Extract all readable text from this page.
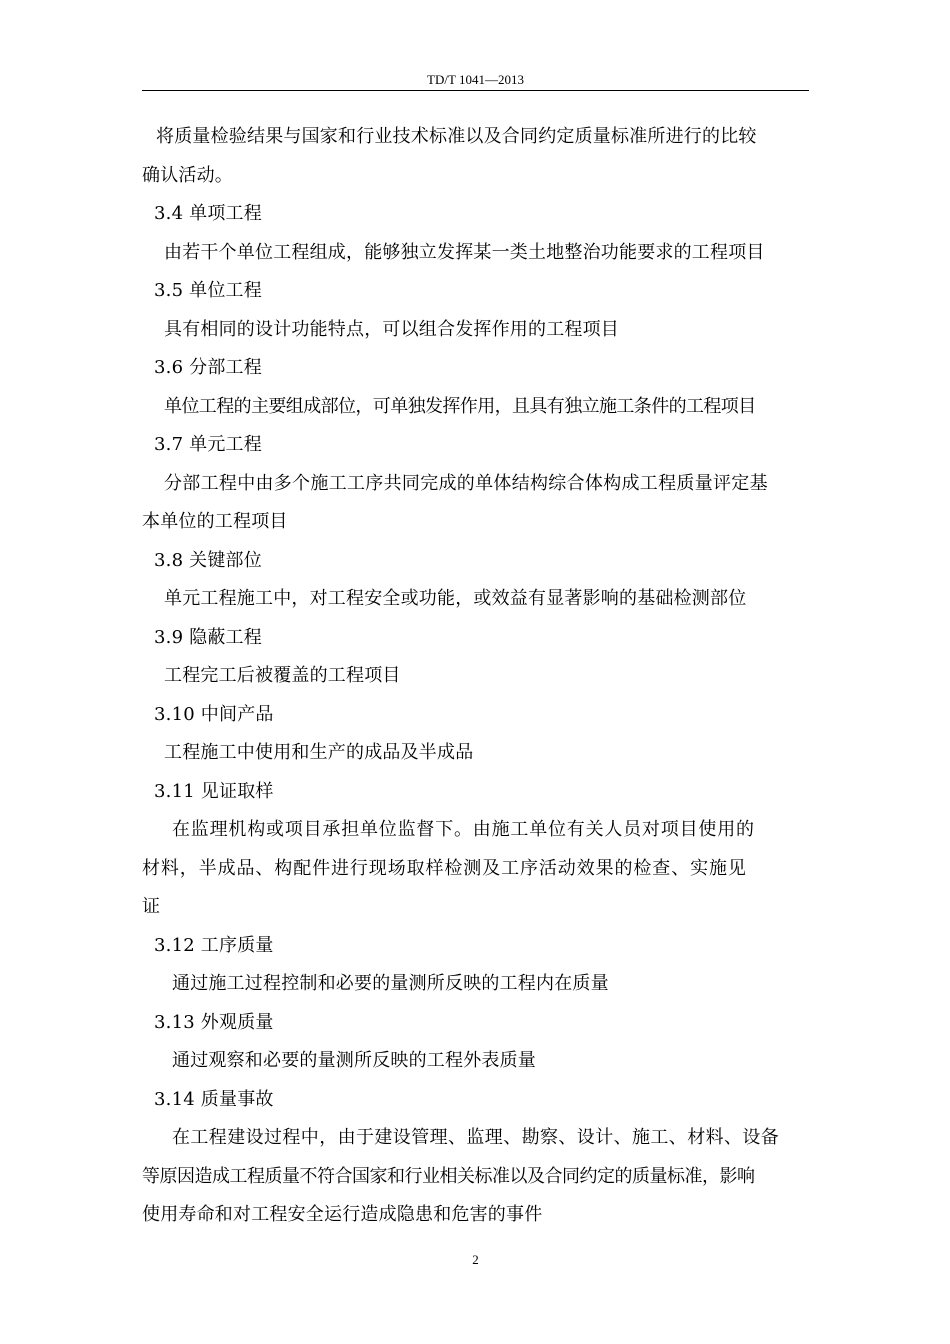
TD/T 1041—2013
将质量检验结果与国家和行业技术标准以及合同约定质量标准所进行的比较
确认活动。
3.4 单项工程
由若干个单位工程组成，能够独立发挥某一类土地整治功能要求的工程项目
3.5 单位工程
具有相同的设计功能特点，可以组合发挥作用的工程项目
3.6 分部工程
单位工程的主要组成部位，可单独发挥作用，且具有独立施工条件的工程项目
3.7 单元工程
分部工程中由多个施工工序共同完成的单体结构综合体构成工程质量评定基
本单位的工程项目
3.8 关键部位
单元工程施工中，对工程安全或功能，或效益有显著影响的基础检测部位
3.9 隐蔽工程
工程完工后被覆盖的工程项目
3.10 中间产品
工程施工中使用和生产的成品及半成品
3.11 见证取样
在监理机构或项目承担单位监督下。由施工单位有关人员对项目使用的
材料，半成品、构配件进行现场取样检测及工序活动效果的检查、实施见
证
3.12 工序质量
通过施工过程控制和必要的量测所反映的工程内在质量
3.13 外观质量
通过观察和必要的量测所反映的工程外表质量
3.14 质量事故
在工程建设过程中，由于建设管理、监理、勘察、设计、施工、材料、设备
等原因造成工程质量不符合国家和行业相关标准以及合同约定的质量标准，影响
使用寿命和对工程安全运行造成隐患和危害的事件
2
